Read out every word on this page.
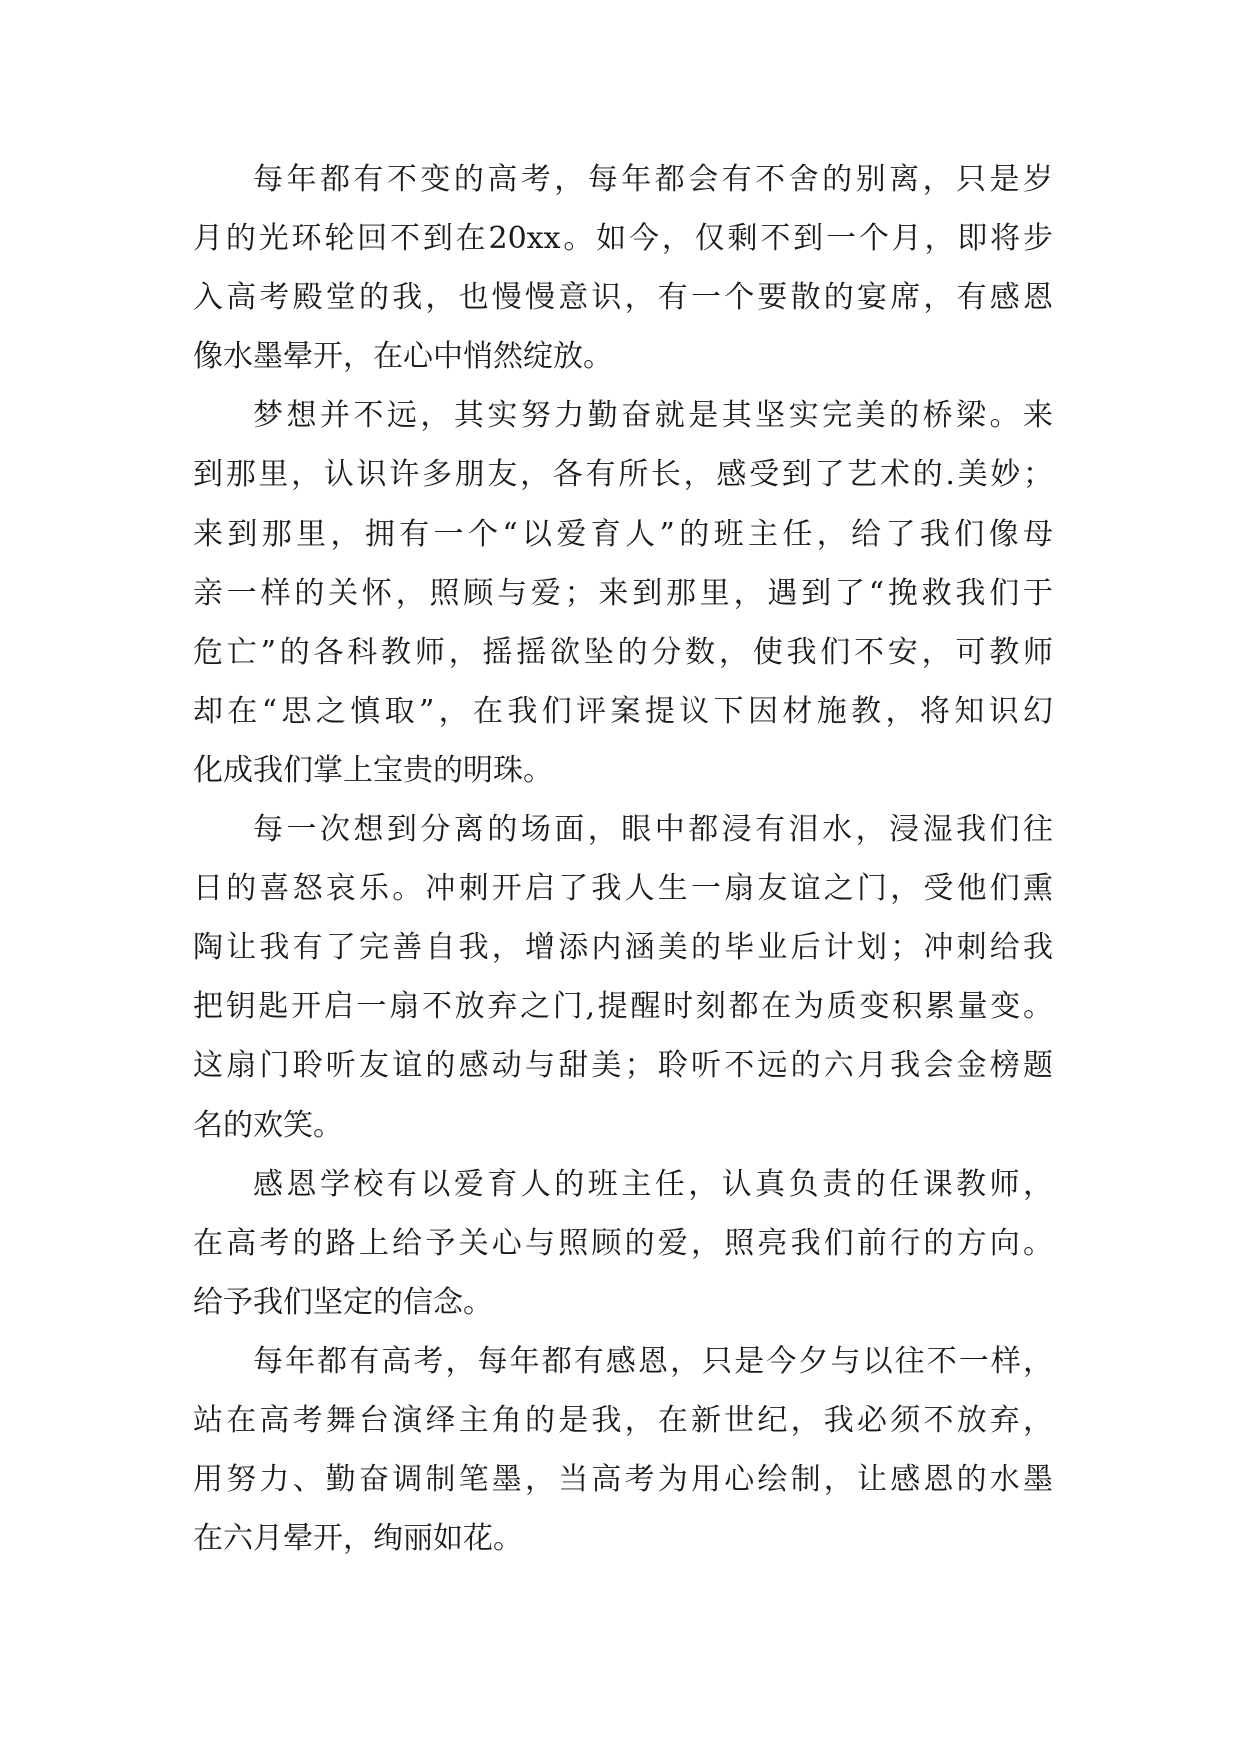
每年都有不变的高考，每年都会有不舍的别离，只是岁
月的光环轮回不到在20xx。如今，仅剩不到一个月，即将步
入高考殿堂的我，也慢慢意识，有一个要散的宴席，有感恩
像水墨晕开，在心中悄然绽放。
梦想并不远，其实努力勤奋就是其坚实完美的桥梁。来
到那里，认识许多朋友，各有所长，感受到了艺术的.美妙；
来到那里，拥有一个“以爱育人”的班主任，给了我们像母
亲一样的关怀，照顾与爱；来到那里，遇到了“挽救我们于
危亡”的各科教师，摇摇欲坠的分数，使我们不安，可教师
却在“思之慎取”，在我们评案提议下因材施教，将知识幻
化成我们掌上宝贵的明珠。
每一次想到分离的场面，眼中都浸有泪水，浸湿我们往
日的喜怒哀乐。冲刺开启了我人生一扇友谊之门，受他们熏
陶让我有了完善自我，增添内涵美的毕业后计划；冲刺给我
把钥匙开启一扇不放弃之门,提醒时刻都在为质变积累量变。
这扇门聆听友谊的感动与甜美；聆听不远的六月我会金榜题
名的欢笑。
感恩学校有以爱育人的班主任，认真负责的任课教师，
在高考的路上给予关心与照顾的爱，照亮我们前行的方向。
给予我们坚定的信念。
每年都有高考，每年都有感恩，只是今夕与以往不一样，
站在高考舞台演绎主角的是我，在新世纪，我必须不放弃，
用努力、勤奋调制笔墨，当高考为用心绘制，让感恩的水墨
在六月晕开，绚丽如花。
